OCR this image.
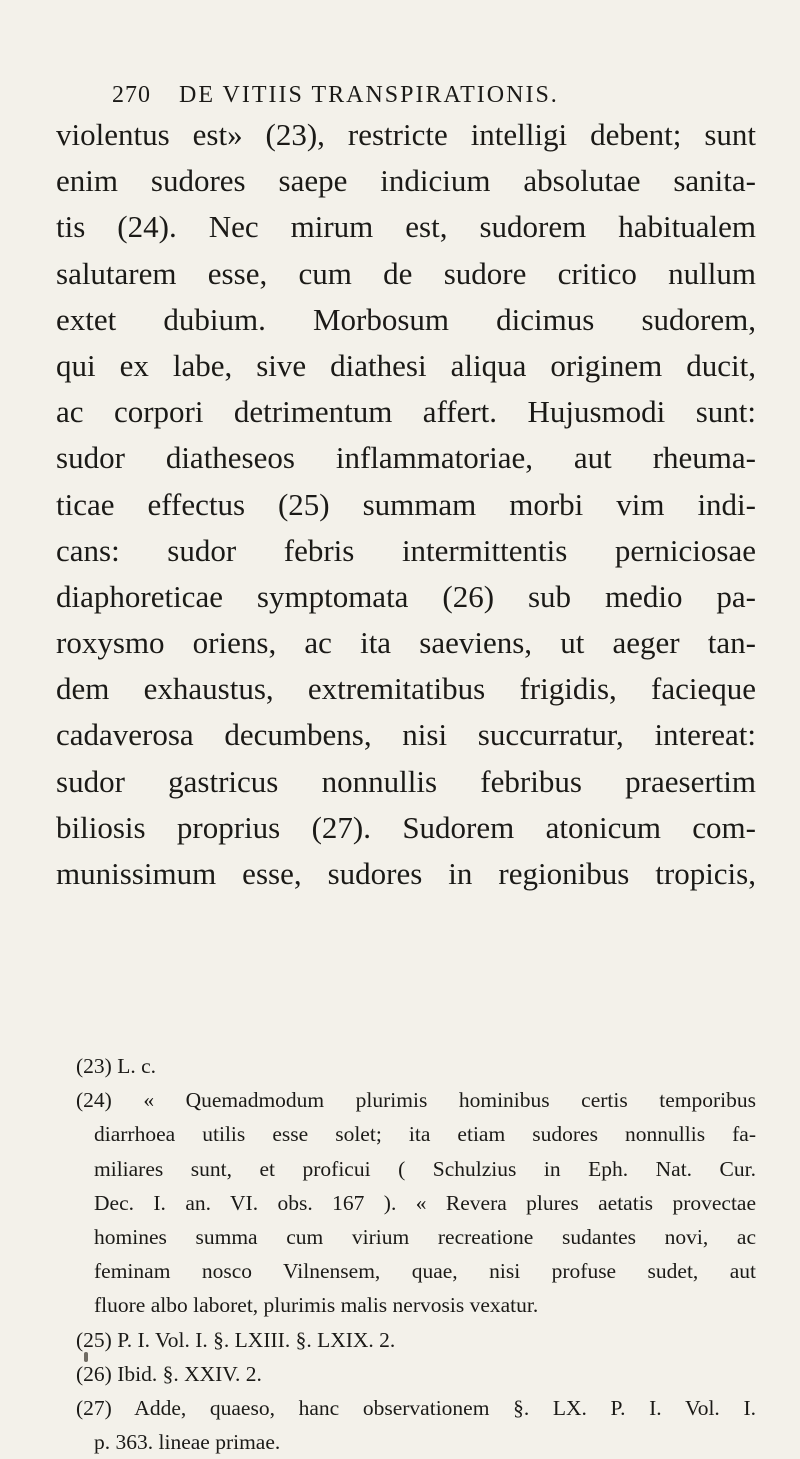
270 DE VITIIS TRANSPIRATIONIS.
violentus est» (23), restricte intelligi debent; sunt
enim sudores saepe indicium absolutae sanita-
tis (24). Nec mirum est, sudorem habitualem
salutarem esse, cum de sudore critico nullum
extet dubium. Morbosum dicimus sudorem,
qui ex labe, sive diathesi aliqua originem ducit,
ac corpori detrimentum affert. Hujusmodi sunt:
sudor diatheseos inflammatoriae, aut rheuma-
ticae effectus (25) summam morbi vim indi-
cans: sudor febris intermittentis perniciosae
diaphoreticae symptomata (26) sub medio pa-
roxysmo oriens, ac ita saeviens, ut aeger tan-
dem exhaustus, extremitatibus frigidis, facieque
cadaverosa decumbens, nisi succurratur, intereat:
sudor gastricus nonnullis febribus praesertim
biliosis proprius (27). Sudorem atonicum com-
munissimum esse, sudores in regionibus tropicis,
(23) L. c.
(24) « Quemadmodum plurimis hominibus certis temporibus
diarrhoea utilis esse solet; ita etiam sudores nonnullis fa-
miliares sunt, et proficui ( Schulzius in Eph. Nat. Cur.
Dec. I. an. VI. obs. 167 ). « Revera plures aetatis provectae
homines summa cum virium recreatione sudantes novi, ac
feminam nosco Vilnensem, quae, nisi profuse sudet, aut
fluore albo laboret, plurimis malis nervosis vexatur.
(25) P. I. Vol. I. §. LXIII. §. LXIX. 2.
(26) Ibid. §. XXIV. 2.
(27) Adde, quaeso, hanc observationem §. LX. P. I. Vol. I.
p. 363. lineae primae.
